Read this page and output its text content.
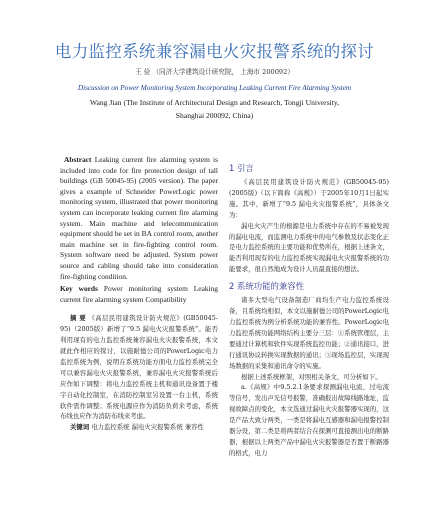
电力监控系统兼容漏电火灾报警系统的探讨
王 俭 （同济大学建筑设计研究院， 上海市 200092）
Discussion on Power Monitoring System Incorporating Leaking Current Fire Alarming System
Wang Jian (The Institute of Architectural Design and Research, Tongji University,
Shanghai 200092, China)

Abstract Leaking current fire alarming system is included into code for fire protection design of tall buildings (GB 50045-95) (2005 version). The paper gives a example of Schneider PowerLogic power monitoring system, illustrated that power monitoring system can incorporate leaking current fire alarming system. Main machine and telecommunication equipment should be set in BA control room, another main machine set in fire-fighting control room. System software need be adjusted. System power source and cabling should take into consideration fire-fighting condition.

Key words Power monitoring system Leaking current fire alarming system Compatibility

摘 要 《高层民用建筑设计防火规范》(GB50045-95)（2005版）新增了“9.5 漏电火灾报警系统”。能否利用现有的电力监控系统兼容漏电火灾报警系统，本文就此作相应的探讨，以施耐德公司的PowerLogic电力监控系统为例，说明在系统功能方面电力监控系统完全可以兼容漏电火灾报警系统，兼容漏电火灾报警系统后应作如下调整：将电力监控系统主机和通讯设备置于楼宇自动化控制室，在消防控制室另设置一台主机，系统软件需作调整；系统电源应作为消防负荷来考虑，系统布线也应作为消防布线来考虑。

关键词 电力监控系统 漏电火灾报警系统 兼容性

1 引言

《高层民用建筑设计防火规范》(GB50045-95)(2005版)（以下简称《高规》）于2005年10月1日起实施。其中，新增了“9.5 漏电火灾报警系统”，具体条文为：

漏电火灾产生的根源是电力系统中存在的不易被发现的漏电电流，而监测电力系统中的电气参数及状态变化正是电力监控系统的主要功能和优势所在，根据上述条文，能否利用现有的电力监控系统实现漏电火灾报警系统的功能要求，很自然地成为设计人员最直接的想法。

2 系统功能的兼容性

诸多大型电气设备制造厂商均生产电力监控系统设备，且系统均相似，本文以施耐德公司的PowerLogic电力监控系统为例分析系统功能的兼容性。PowerLogic电力监控系统功能网络结构主要分三层：①系统管理层，主要通过计算机和软件实现系统监控功能；②通讯接口，进行通讯协议转换实现数据的通讯；③现场监控层，实现现场数据的采集和通讯命令的实施。

根据上述系统框架，对照相关条文，可分析如下。

a.《高规》中9.5.2.1条要求探测漏电电流、过电流等信号，发出声光信号报警，准确报出故障线路地址，监视故障点的变化，本文选通过漏电火灾报警器实现的，这是产品大致分两类，一类是将漏电互感器和漏电报警控制器分设，第二类是将两者结合在探测可直接测出电的断路器，根据以上两类产品中漏电火灾报警器是否置于断路器的格式，电力
